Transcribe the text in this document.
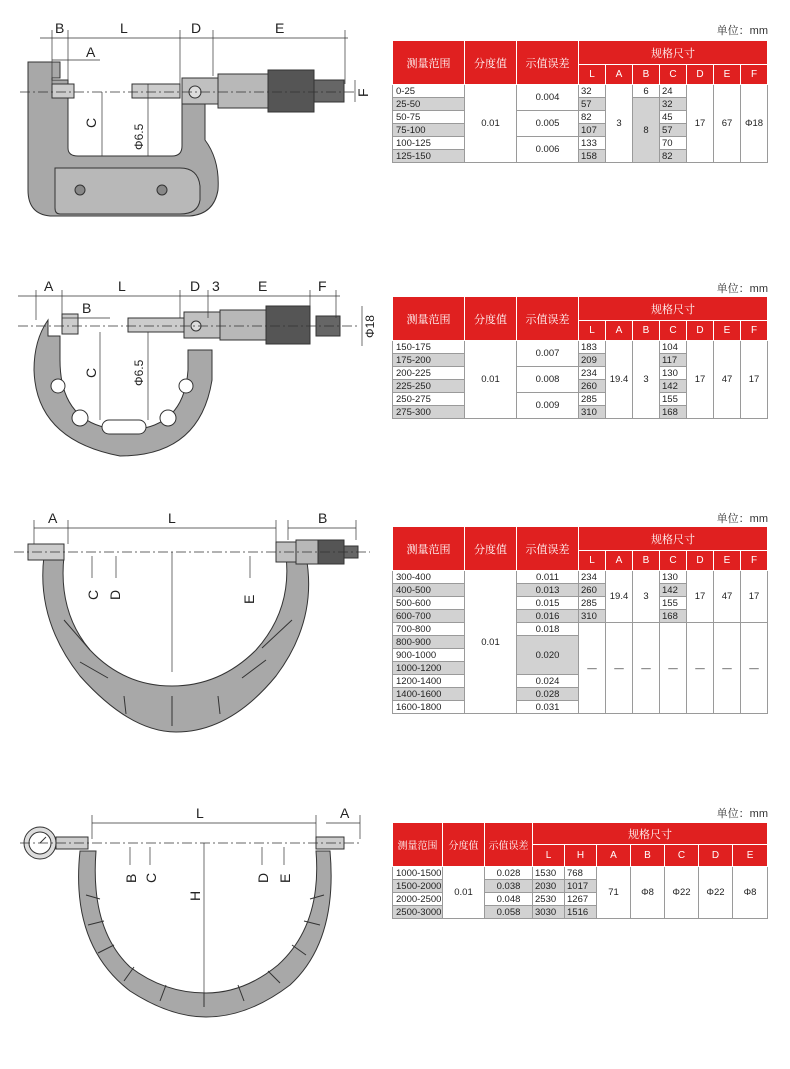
B	L	D	E
A
C
Φ6.5
F
单位：mm
测量范围	分度值	示值误差	规格尺寸						
			L	A	B	C	D	E	F
0-25	0.01	0.004	32	3	6	24	17	67	Φ18
25-50			57		8	32			
50-75		0.005	82			45			
75-100			107			57			
100-125		0.006	133			70			
125-150			158			82			
A	L	D 3	E	F
B
C	Φ6.5
Φ18
单位：mm
测量范围	分度值	示值误差	规格尺寸						
			L	A	B	C	D	E	F
150-175	0.01	0.007	183	19.4	3	104	17	47	17
175-200			209			117			
200-225		0.008	234			130			
225-250			260			142			
250-275		0.009	285			155			
275-300			310			168			
A	L	B
C D	E
单位：mm
测量范围	分度值	示值误差	规格尺寸						
			L	A	B	C	D	E	F
300-400	0.01	0.011	234	19.4	3	130	17	47	17
400-500		0.013	260			142			
500-600		0.015	285			155			
600-700		0.016	310			168			
700-800		0.018	—	—	—	—	—	—	—
800-900		0.020							
900-1000									
1000-1200									
1200-1400		0.024							
1400-1600		0.028							
1600-1800		0.031							
L	A
B C	D E
H
单位：mm
测量范围	分度值	示值误差	规格尺寸						
			L	H	A	B	C	D	E
1000-1500	0.01	0.028	1530	768	71	Φ8	Φ22	Φ22	Φ8
1500-2000		0.038	2030	1017					
2000-2500		0.048	2530	1267					
2500-3000		0.058	3030	1516					
